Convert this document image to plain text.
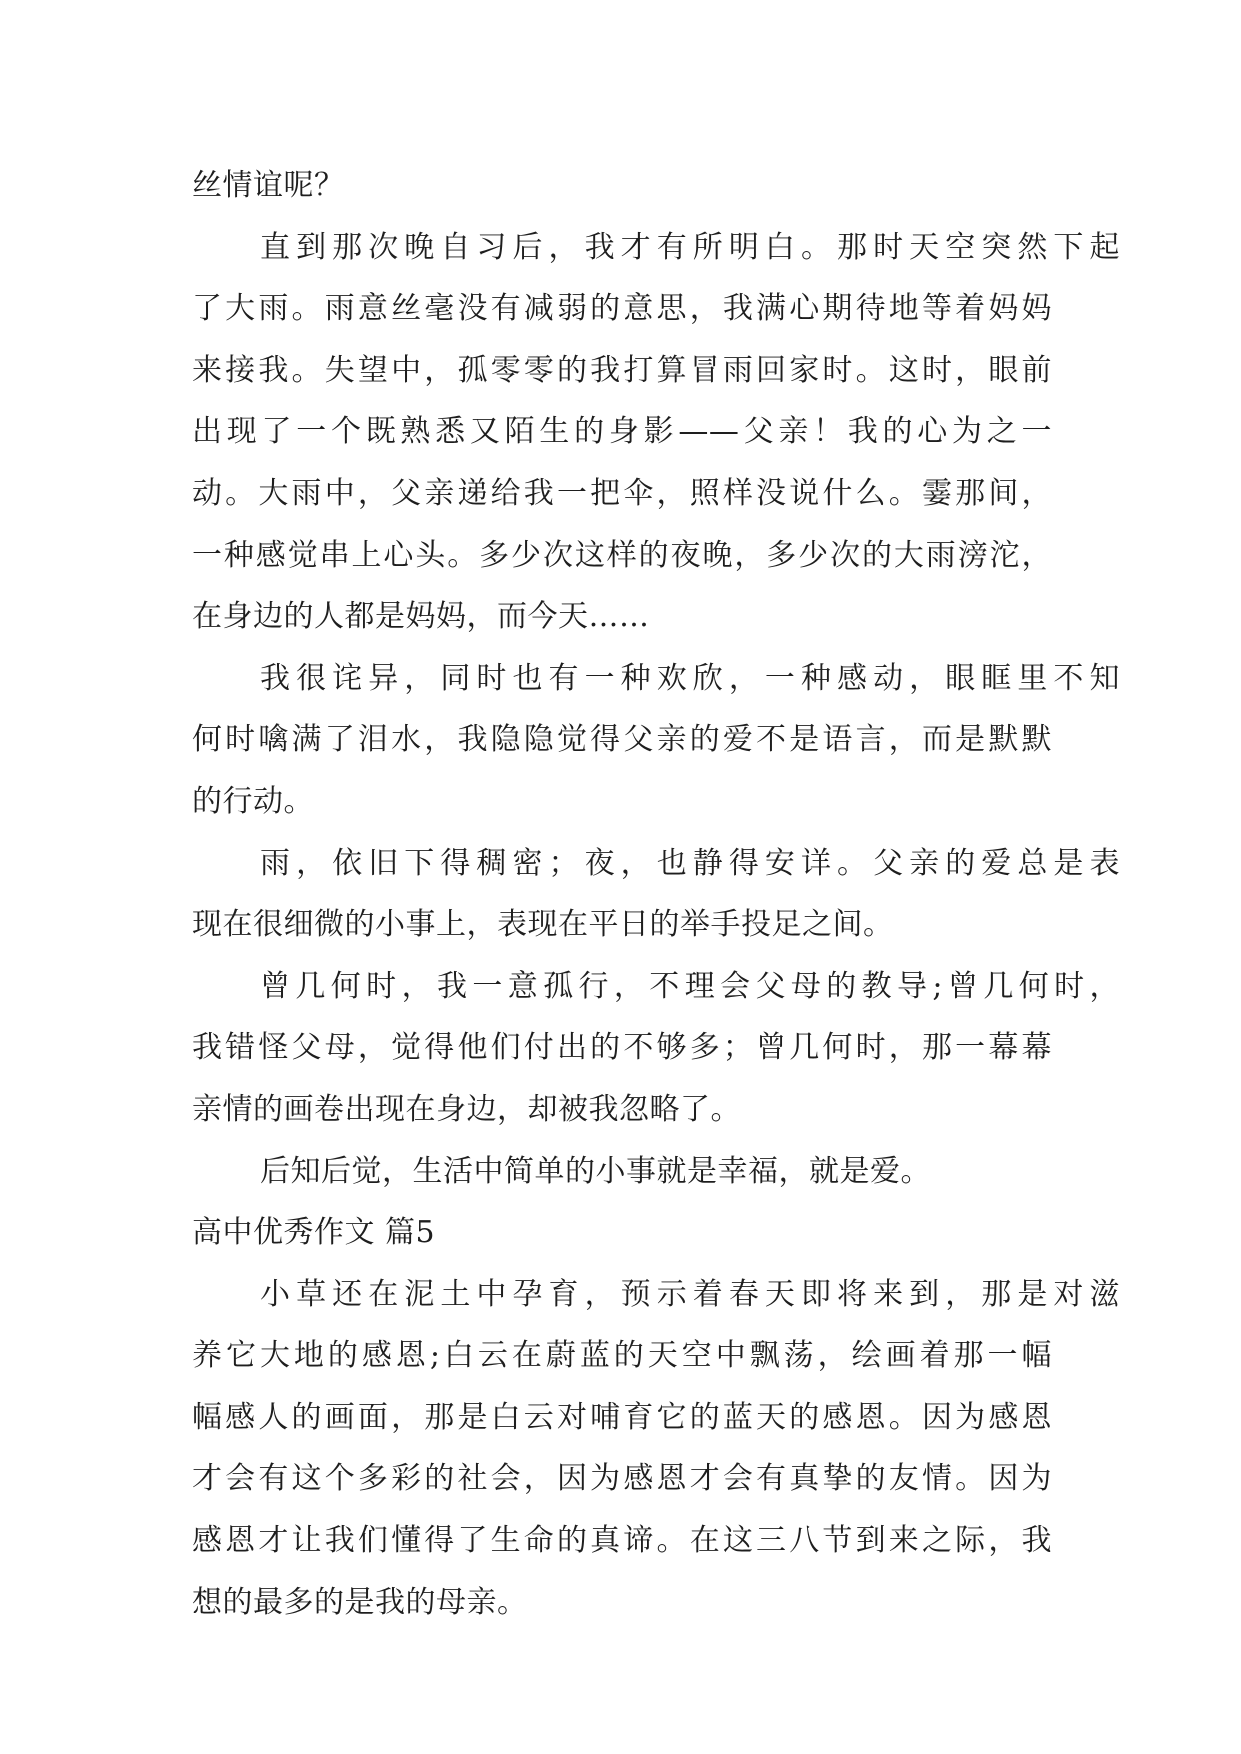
丝情谊呢？
直到那次晚自习后，我才有所明白。那时天空突然下起
了大雨。雨意丝毫没有减弱的意思，我满心期待地等着妈妈
来接我。失望中，孤零零的我打算冒雨回家时。这时，眼前
出现了一个既熟悉又陌生的身影——父亲！我的心为之一
动。大雨中，父亲递给我一把伞，照样没说什么。霎那间，
一种感觉串上心头。多少次这样的夜晚，多少次的大雨滂沱，
在身边的人都是妈妈，而今天……
我很诧异，同时也有一种欢欣，一种感动，眼眶里不知
何时噙满了泪水，我隐隐觉得父亲的爱不是语言，而是默默
的行动。
雨，依旧下得稠密；夜，也静得安详。父亲的爱总是表
现在很细微的小事上，表现在平日的举手投足之间。
曾几何时，我一意孤行，不理会父母的教导;曾几何时，
我错怪父母，觉得他们付出的不够多；曾几何时，那一幕幕
亲情的画卷出现在身边，却被我忽略了。
后知后觉，生活中简单的小事就是幸福，就是爱。
高中优秀作文 篇5
小草还在泥土中孕育，预示着春天即将来到，那是对滋
养它大地的感恩;白云在蔚蓝的天空中飘荡，绘画着那一幅
幅感人的画面，那是白云对哺育它的蓝天的感恩。因为感恩
才会有这个多彩的社会，因为感恩才会有真挚的友情。因为
感恩才让我们懂得了生命的真谛。在这三八节到来之际，我
想的最多的是我的母亲。
